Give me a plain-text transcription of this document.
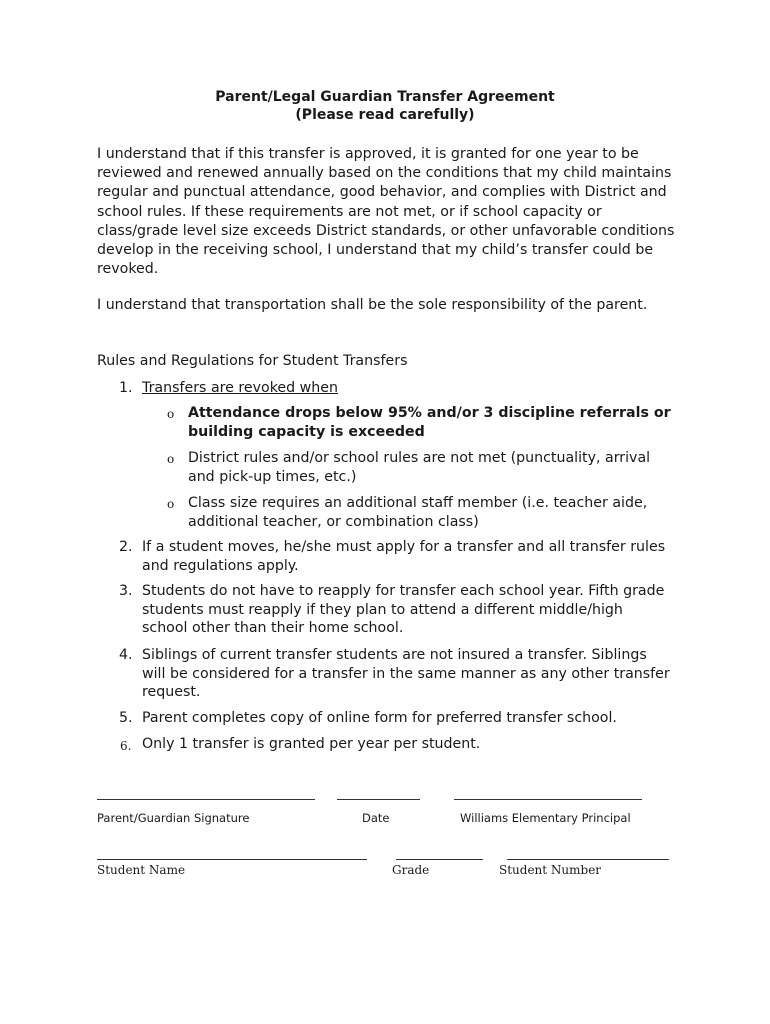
Parent/Legal Guardian Transfer Agreement
(Please read carefully)

I understand that if this transfer is approved, it is granted for one year to be reviewed and renewed annually based on the conditions that my child maintains regular and punctual attendance, good behavior, and complies with District and school rules. If these requirements are not met, or if school capacity or class/grade level size exceeds District standards, or other unfavorable conditions develop in the receiving school, I understand that my child’s transfer could be revoked.

I understand that transportation shall be the sole responsibility of the parent.

Rules and Regulations for Student Transfers
1. Transfers are revoked when
o Attendance drops below 95% and/or 3 discipline referrals or building capacity is exceeded
o District rules and/or school rules are not met (punctuality, arrival and pick-up times, etc.)
o Class size requires an additional staff member (i.e. teacher aide, additional teacher, or combination class)
2. If a student moves, he/she must apply for a transfer and all transfer rules and regulations apply.
3. Students do not have to reapply for transfer each school year. Fifth grade students must reapply if they plan to attend a different middle/high school other than their home school.
4. Siblings of current transfer students are not insured a transfer. Siblings will be considered for a transfer in the same manner as any other transfer request.
5. Parent completes copy of online form for preferred transfer school.
6. Only 1 transfer is granted per year per student.
Parent/Guardian Signature	Date	Williams Elementary Principal
Student Name	Grade	Student Number
